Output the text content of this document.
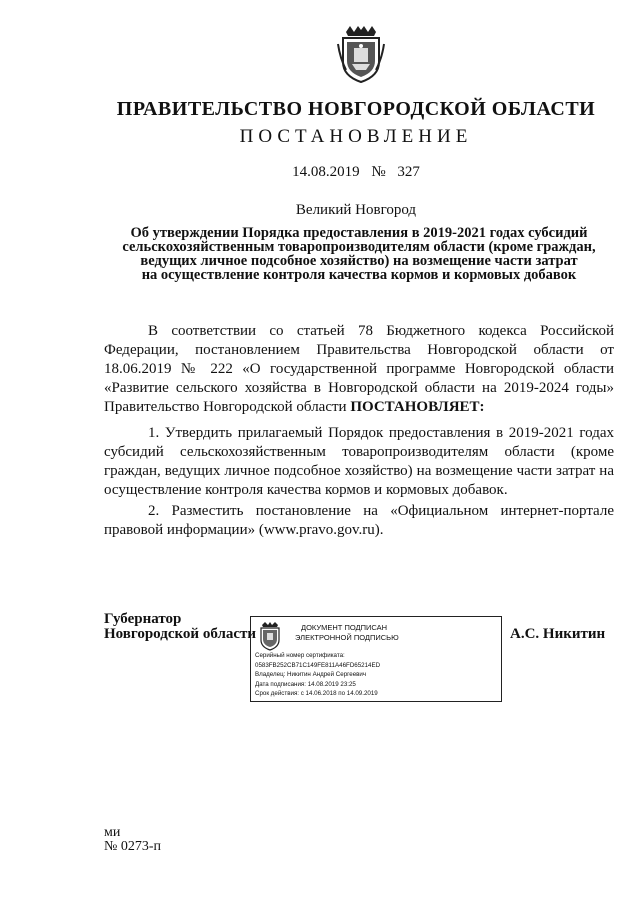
ПРАВИТЕЛЬСТВО НОВГОРОДСКОЙ ОБЛАСТИ
ПОСТАНОВЛЕНИЕ
14.08.2019 № 327
Великий Новгород
Об утверждении Порядка предоставления в 2019-2021 годах субсидий
сельскохозяйственным товаропроизводителям области (кроме граждан,
ведущих личное подсобное хозяйство) на возмещение части затрат
на осуществление контроля качества кормов и кормовых добавок

В соответствии со статьей 78 Бюджетного кодекса Российской Федерации, постановлением Правительства Новгородской области от 18.06.2019 № 222 «О государственной программе Новгородской области «Развитие сельского хозяйства в Новгородской области на 2019-2024 годы» Правительство Новгородской области ПОСТАНОВЛЯЕТ:

1. Утвердить прилагаемый Порядок предоставления в 2019-2021 годах субсидий сельскохозяйственным товаропроизводителям области (кроме граждан, ведущих личное подсобное хозяйство) на возмещение части затрат на осуществление контроля качества кормов и кормовых добавок.

2. Разместить постановление на «Официальном интернет-портале правовой информации» (www.pravo.gov.ru).

Губернатор
Новгородской области	ДОКУМЕНТ ПОДПИСАН
ЭЛЕКТРОННОЙ ПОДПИСЬЮ
Серийный номер сертификата:
0583FB252CB71C149FE811A46FD65214ED
Владелец: Никитин Андрей Сергеевич
Дата подписания: 14.08.2019 23:25
Срок действия: с 14.06.2018 по 14.09.2019
А.С. Никитин
ми
№ 0273-п
